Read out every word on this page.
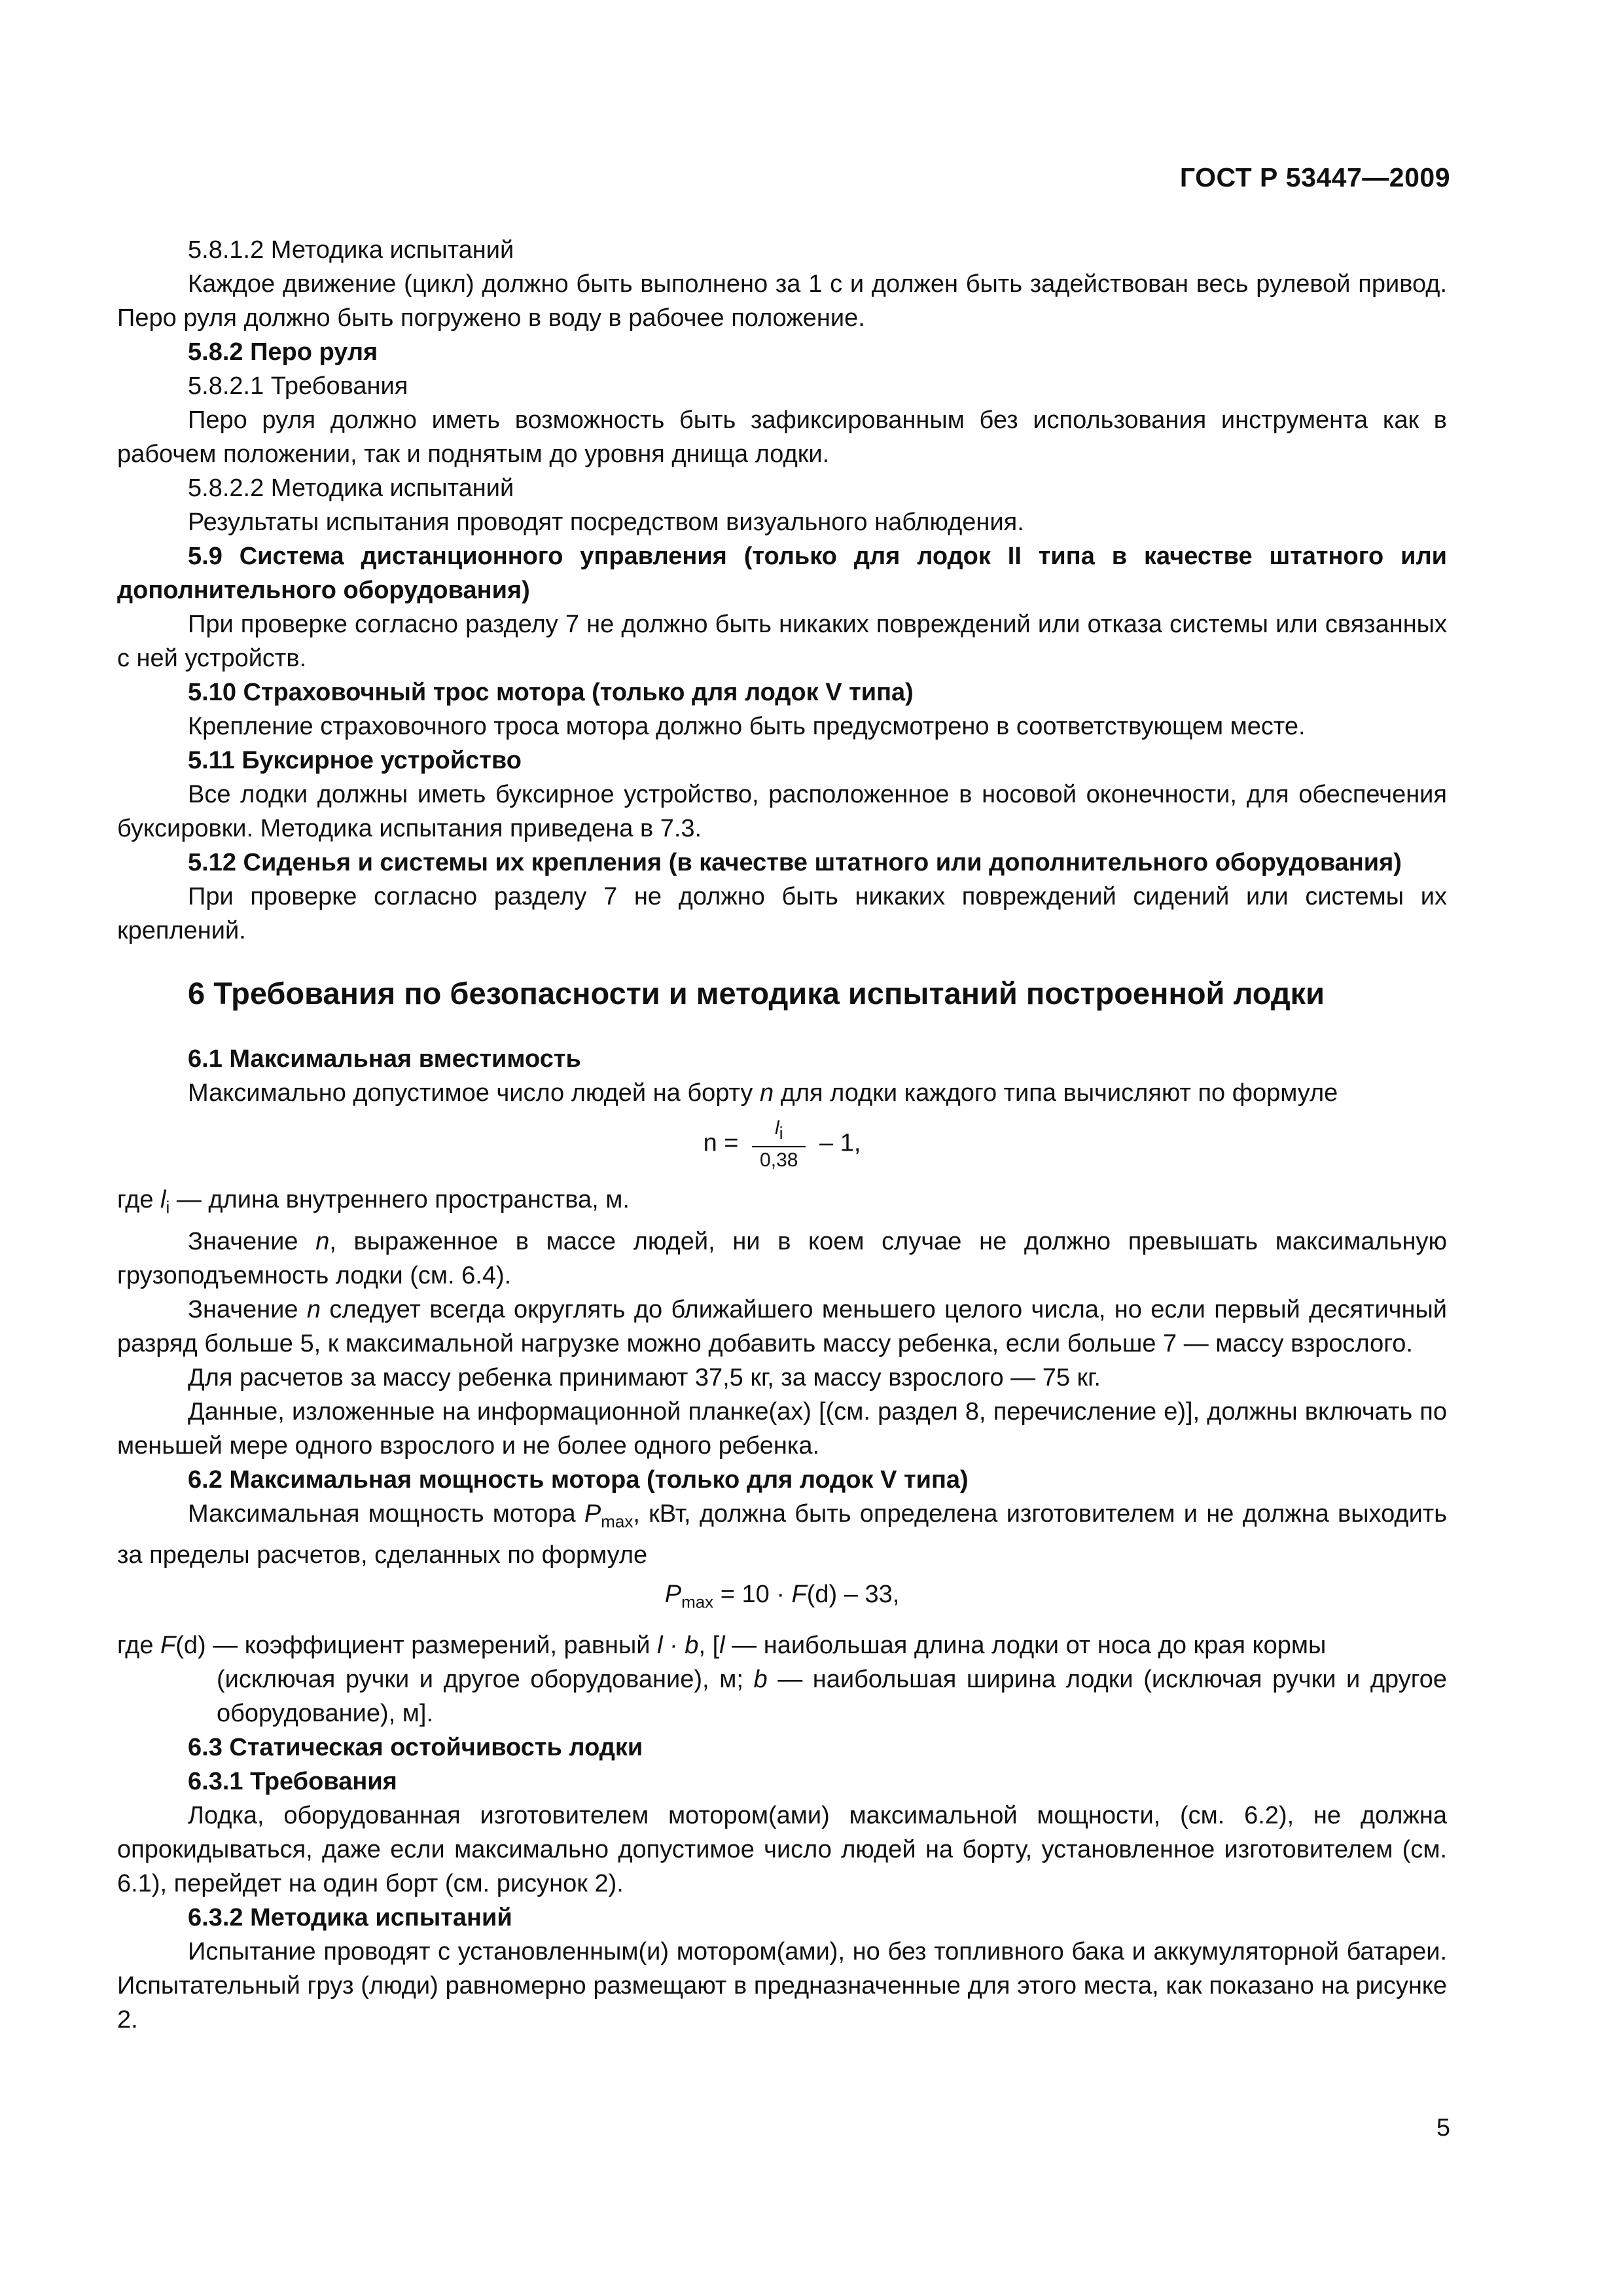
ГОСТ Р 53447—2009

5.8.1.2 Методика испытаний

Каждое движение (цикл) должно быть выполнено за 1 с и должен быть задействован весь рулевой привод. Перо руля должно быть погружено в воду в рабочее положение.

5.8.2 Перо руля

5.8.2.1 Требования

Перо руля должно иметь возможность быть зафиксированным без использования инструмента как в рабочем положении, так и поднятым до уровня днища лодки.

5.8.2.2 Методика испытаний

Результаты испытания проводят посредством визуального наблюдения.

5.9 Система дистанционного управления (только для лодок II типа в качестве штатного или дополнительного оборудования)

При проверке согласно разделу 7 не должно быть никаких повреждений или отказа системы или связанных с ней устройств.

5.10 Страховочный трос мотора (только для лодок V типа)

Крепление страховочного троса мотора должно быть предусмотрено в соответствующем месте.

5.11 Буксирное устройство

Все лодки должны иметь буксирное устройство, расположенное в носовой оконечности, для обеспечения буксировки. Методика испытания приведена в 7.3.

5.12 Сиденья и системы их крепления (в качестве штатного или дополнительного оборудования)

При проверке согласно разделу 7 не должно быть никаких повреждений сидений или системы их креплений.

6 Требования по безопасности и методика испытаний построенной лодки

6.1 Максимальная вместимость

Максимально допустимое число людей на борту n для лодки каждого типа вычисляют по формуле

$n = \frac{l_i}{0,38} - 1$,

где $l_i$ — длина внутреннего пространства, м.

Значение n, выраженное в массе людей, ни в коем случае не должно превышать максимальную грузоподъемность лодки (см. 6.4).

Значение n следует всегда округлять до ближайшего меньшего целого числа, но если первый десятичный разряд больше 5, к максимальной нагрузке можно добавить массу ребенка, если больше 7 — массу взрослого.

Для расчетов за массу ребенка принимают 37,5 кг, за массу взрослого — 75 кг.

Данные, изложенные на информационной планке(ах) [(см. раздел 8, перечисление е)], должны включать по меньшей мере одного взрослого и не более одного ребенка.

6.2 Максимальная мощность мотора (только для лодок V типа)

Максимальная мощность мотора $P_{max}$, кВт, должна быть определена изготовителем и не должна выходить за пределы расчетов, сделанных по формуле

$P_{max} = 10 \cdot F(d) - 33$,

где F(d) — коэффициент размерений, равный l · b, [l — наибольшая длина лодки от носа до края кормы

(исключая ручки и другое оборудование), м; b — наибольшая ширина лодки (исключая ручки и другое оборудование), м].

6.3 Статическая остойчивость лодки

6.3.1 Требования

Лодка, оборудованная изготовителем мотором(ами) максимальной мощности, (см. 6.2), не должна опрокидываться, даже если максимально допустимое число людей на борту, установленное изготовителем (см. 6.1), перейдет на один борт (см. рисунок 2).

6.3.2 Методика испытаний

Испытание проводят с установленным(и) мотором(ами), но без топливного бака и аккумуляторной батареи. Испытательный груз (люди) равномерно размещают в предназначенные для этого места, как показано на рисунке 2.

5
